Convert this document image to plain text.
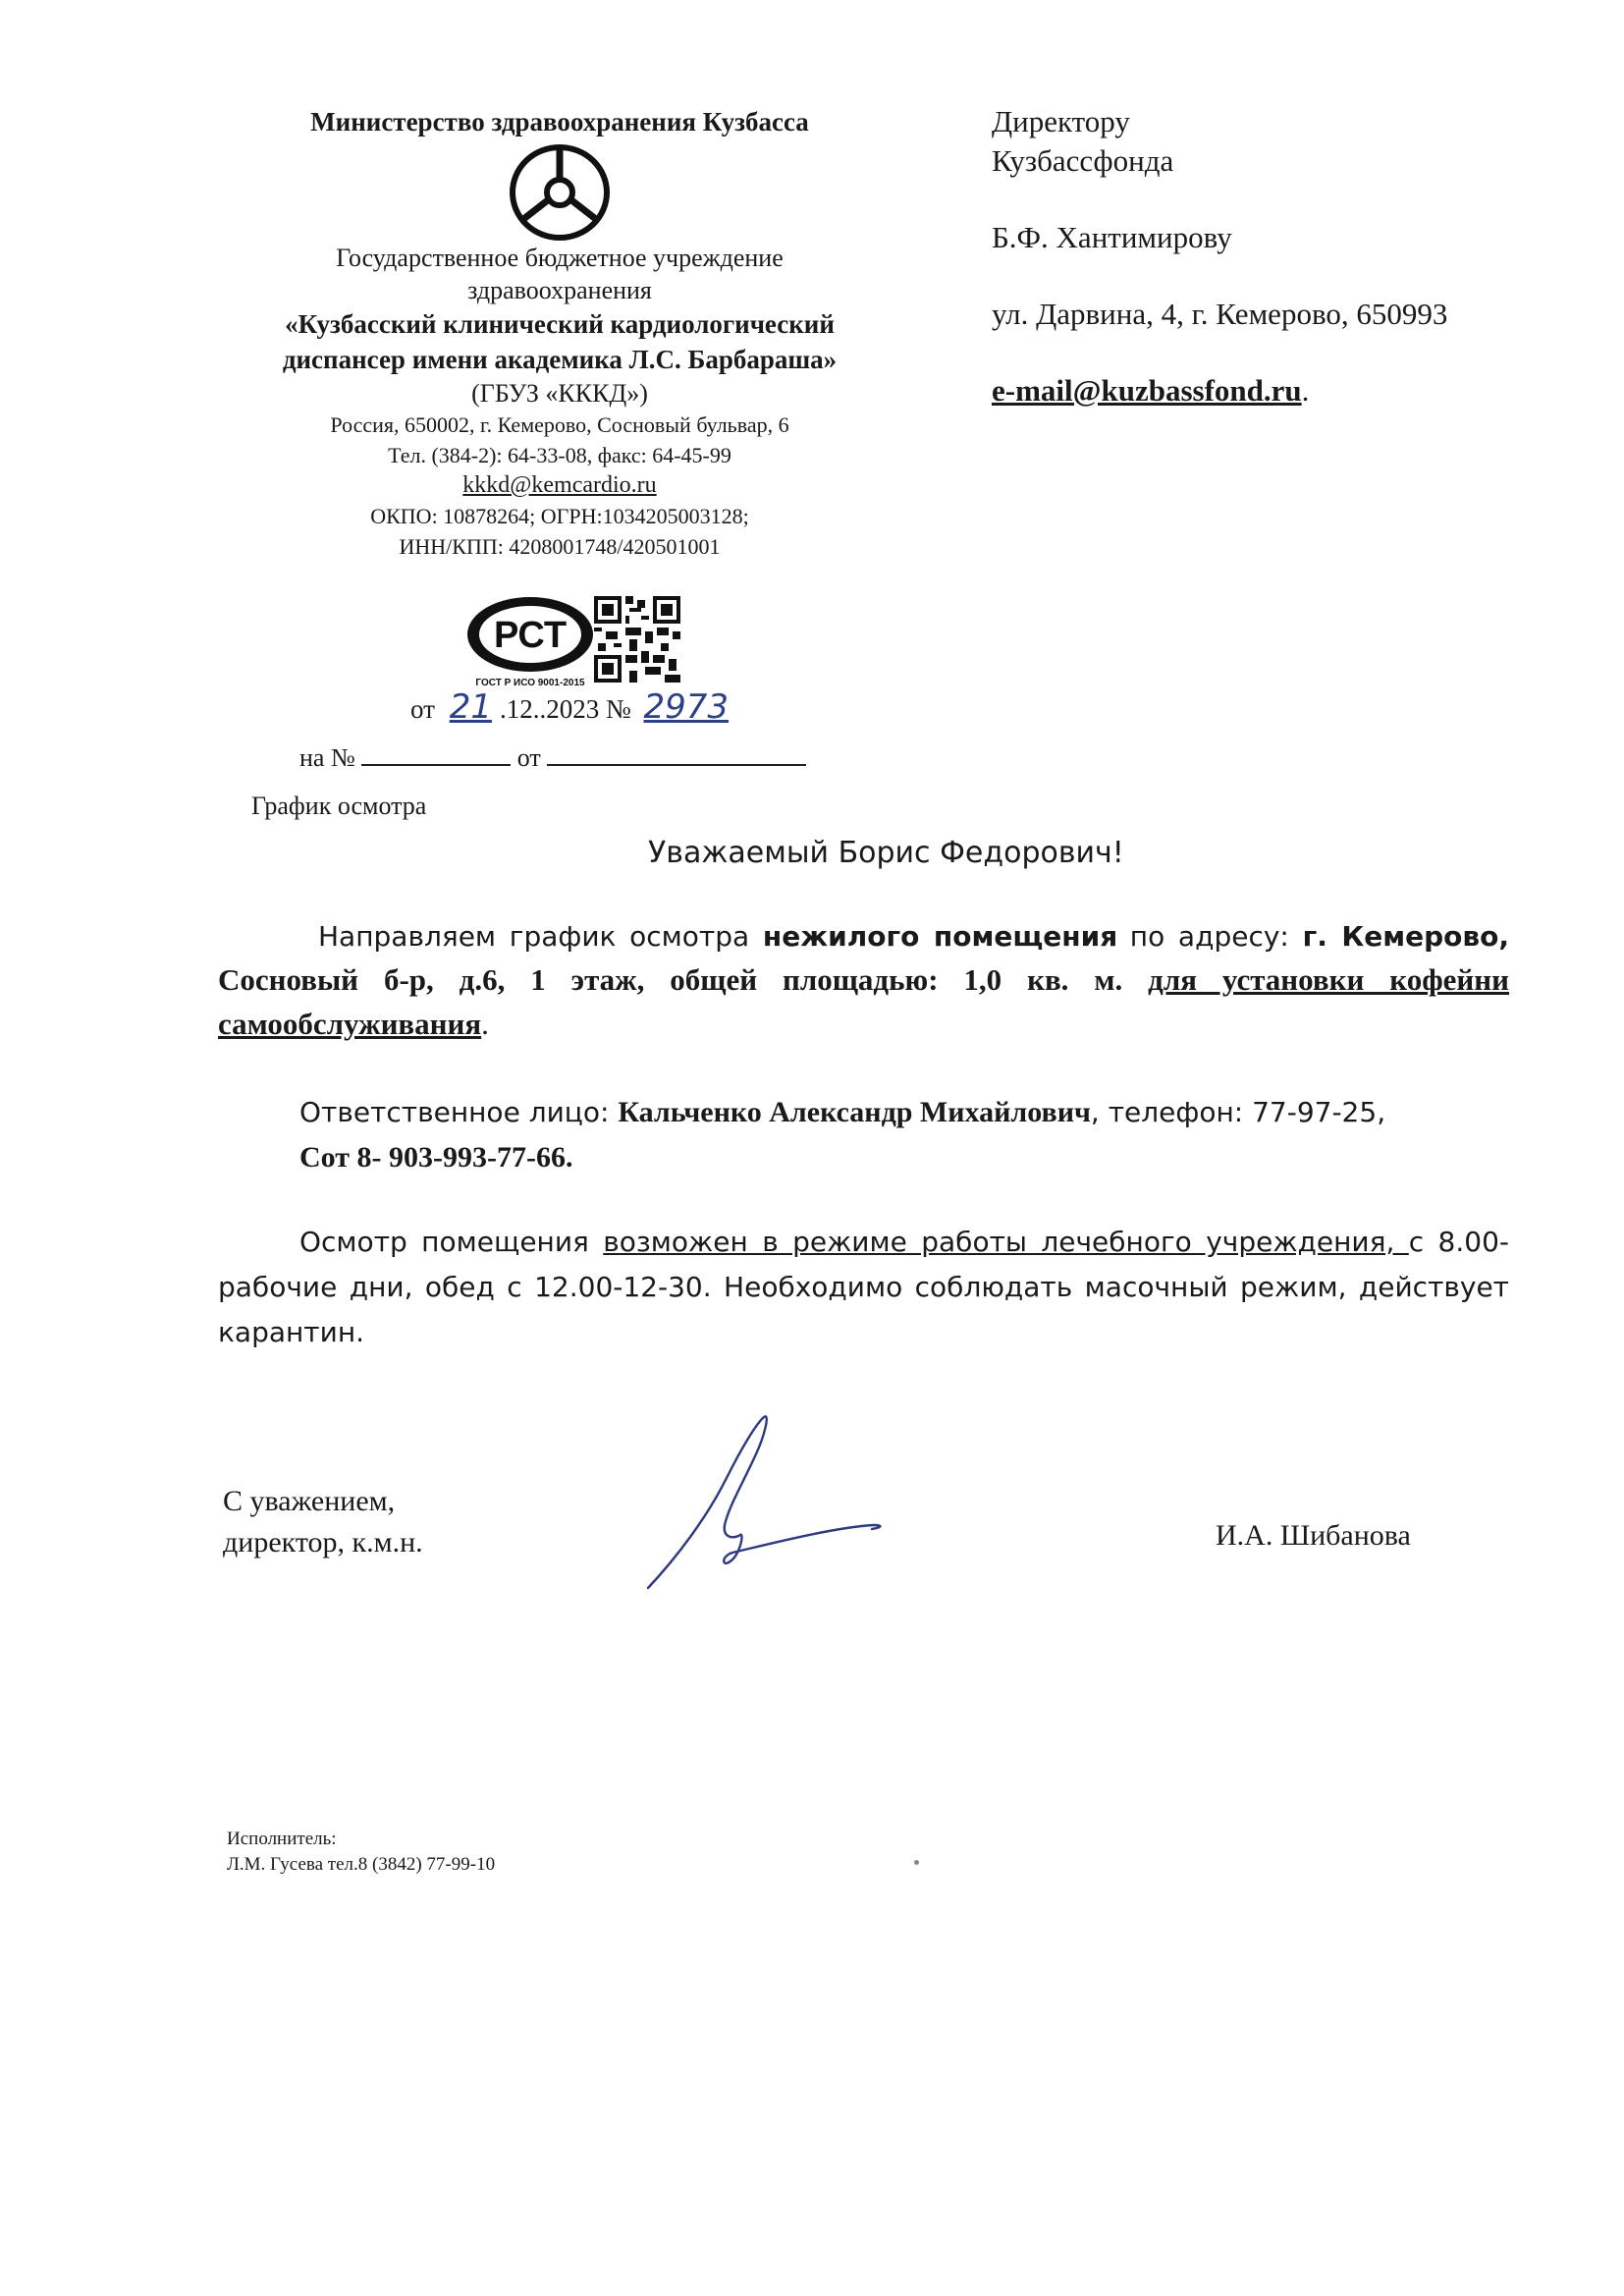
Министерство здравоохранения Кузбасса
Государственное бюджетное учреждение
здравоохранения
«Кузбасский клинический кардиологический
диспансер имени академика Л.С. Барбараша»
(ГБУЗ «КККД»)
Россия, 650002, г. Кемерово, Сосновый бульвар, 6
Тел. (384-2): 64-33-08, факс: 64-45-99
kkkd@kemcardio.ru
ОКПО: 10878264; ОГРН:1034205003128;
ИНН/КПП: 4208001748/420501001
РСТ
ГОСТ Р ИСО 9001-2015
от 21 .12..2023 № 2973
на №	от
График осмотра
Директору
Кузбассфонда
Б.Ф. Хантимирову
ул. Дарвина, 4, г. Кемерово, 650993
e-mail@kuzbassfond.ru.
Уважаемый Борис Федорович!
Направляем график осмотра нежилого помещения по адресу: г. Кемерово,
Сосновый б-р, д.6, 1 этаж, общей площадью: 1,0 кв. м. для установки кофейни
самообслуживания.
Ответственное лицо: Кальченко Александр Михайлович, телефон: 77-97-25,
Сот 8- 903-993-77-66.
Осмотр помещения возможен в режиме работы лечебного учреждения, с 8.00-
рабочие дни, обед с 12.00-12-30. Необходимо соблюдать масочный режим, действует
карантин.
С уважением,
директор, к.м.н.	И.А. Шибанова
Исполнитель:
Л.М. Гусева тел.8 (3842) 77-99-10
